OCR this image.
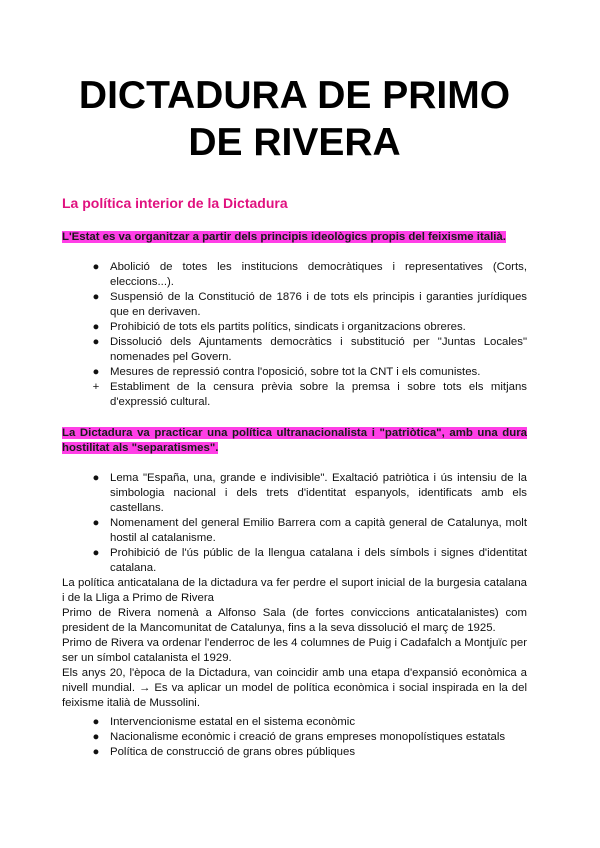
DICTADURA DE PRIMO DE RIVERA
La política interior de la Dictadura

L'Estat es va organitzar a partir dels principis ideològics propis del feixisme italià.

● Abolició de totes les institucions democràtiques i representatives (Corts, eleccions...).
● Suspensió de la Constitució de 1876 i de tots els principis i garanties jurídiques que en derivaven.
● Prohibició de tots els partits polítics, sindicats i organitzacions obreres.
● Dissolució dels Ajuntaments democràtics i substitució per "Juntas Locales" nomenades pel Govern.
● Mesures de repressió contra l'oposició, sobre tot la CNT i els comunistes.
+ Establiment de la censura prèvia sobre la premsa i sobre tots els mitjans d'expressió cultural.

La Dictadura va practicar una política ultranacionalista i "patriòtica", amb una dura hostilitat als "separatismes".

● Lema "España, una, grande e indivisible". Exaltació patriòtica i ús intensiu de la simbologia nacional i dels trets d'identitat espanyols, identificats amb els castellans.
● Nomenament del general Emilio Barrera com a capità general de Catalunya, molt hostil al catalanisme.
● Prohibició de l'ús públic de la llengua catalana i dels símbols i signes d'identitat catalana.

La política anticatalana de la dictadura va fer perdre el suport inicial de la burgesia catalana i de la Lliga a Primo de Rivera

Primo de Rivera nomenà a Alfonso Sala (de fortes conviccions anticatalanistes) com president de la Mancomunitat de Catalunya, fins a la seva dissolució el març de 1925.

Primo de Rivera va ordenar l'enderroc de les 4 columnes de Puig i Cadafalch a Montjuïc per ser un símbol catalanista el 1929.

Els anys 20, l'època de la Dictadura, van coincidir amb una etapa d'expansió econòmica a nivell mundial. → Es va aplicar un model de política econòmica i social inspirada en la del feixisme italià de Mussolini.

● Intervencionisme estatal en el sistema econòmic
● Nacionalisme econòmic i creació de grans empreses monopolístiques estatals
● Política de construcció de grans obres públiques
